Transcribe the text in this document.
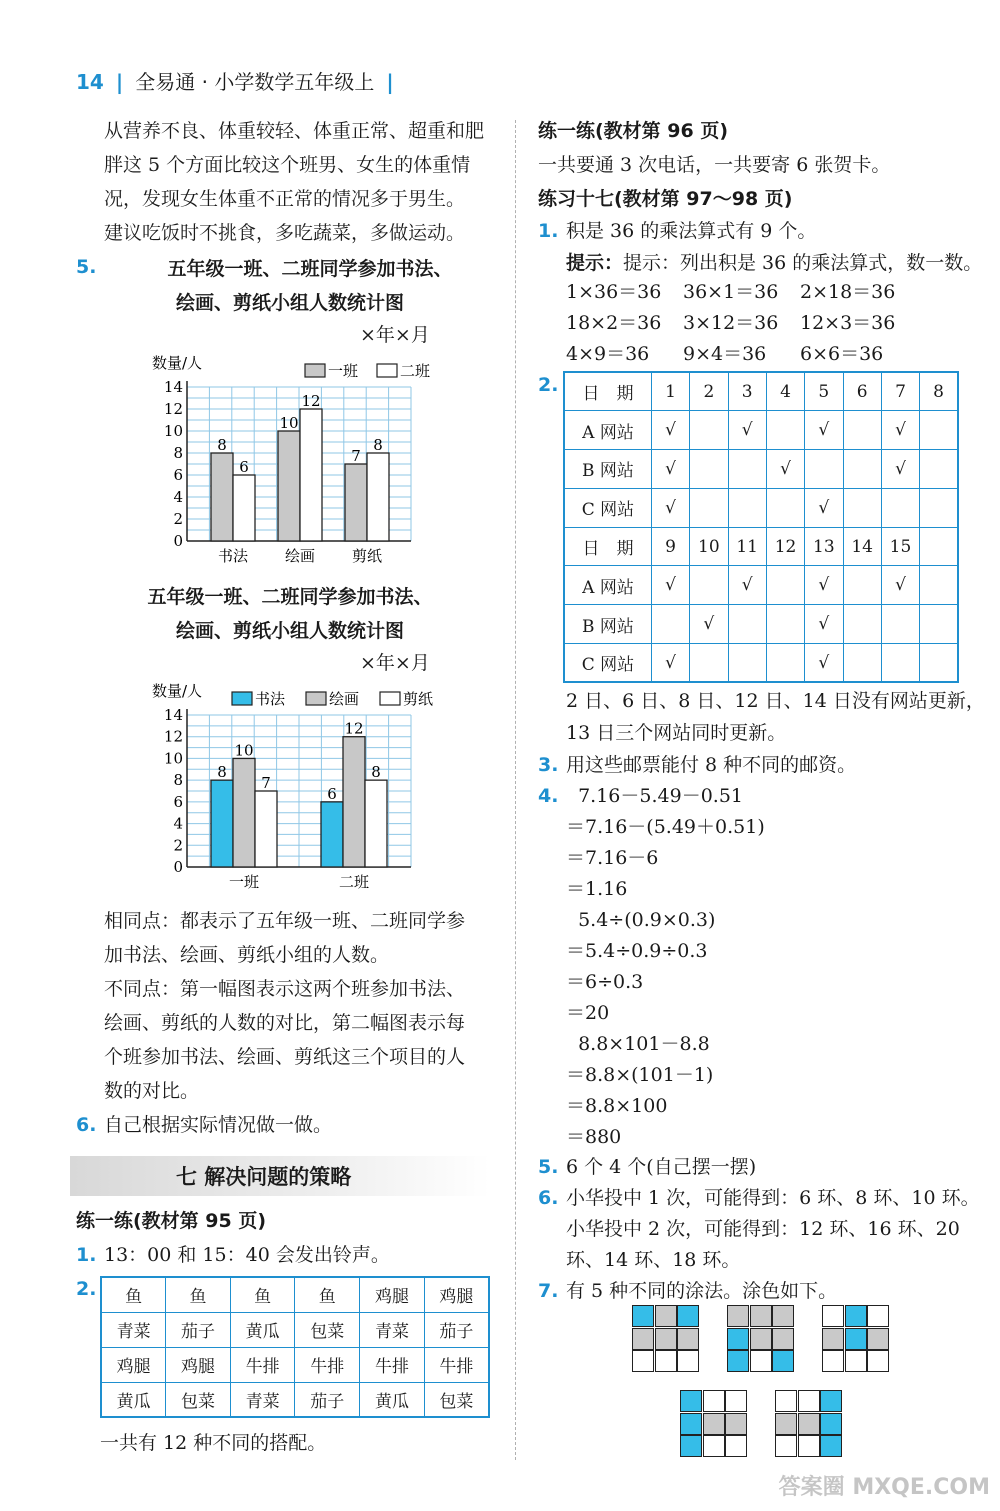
14 | 全易通 · 小学数学五年级上 |
从营养不良、体重较轻、体重正常、超重和肥
胖这 5 个方面比较这个班男、女生的体重情
况，发现女生体重不正常的情况多于男生。
建议吃饭时不挑食，多吃蔬菜，多做运动。
5.	五年级一班、二班同学参加书法、
绘画、剪纸小组人数统计图
×年×月
0
2
4
6
8
10
12
14
数量/人	一班	二班
8
6
书法
10
12
绘画
7
8
剪纸
五年级一班、二班同学参加书法、
绘画、剪纸小组人数统计图
×年×月
0
2
4
6
8
10
12
14
数量/人	书法	绘画	剪纸
8
10
7
一班
6
12
8
二班
相同点：都表示了五年级一班、二班同学参
加书法、绘画、剪纸小组的人数。
不同点：第一幅图表示这两个班参加书法、
绘画、剪纸的人数的对比，第二幅图表示每
个班参加书法、绘画、剪纸这三个项目的人
数的对比。
6. 自己根据实际情况做一做。
七 解决问题的策略
练一练(教材第 95 页)
1. 13：00 和 15：40 会发出铃声。
2. 鱼	鱼	鱼	鱼	鸡腿	鸡腿
青菜	茄子	黄瓜	包菜	青菜	茄子
鸡腿	鸡腿	牛排	牛排	牛排	牛排
黄瓜	包菜	青菜	茄子	黄瓜	包菜
一共有 12 种不同的搭配。
练一练(教材第 96 页)
一共要通 3 次电话，一共要寄 6 张贺卡。
练习十七(教材第 97～98 页)
1. 积是 36 的乘法算式有 9 个。
提示：提示：列出积是 36 的乘法算式，数一数。
1×36＝36 36×1＝36 2×18＝36
18×2＝36 3×12＝36 12×3＝36
4×9＝36 9×4＝36 6×6＝36
2. 日　期	1	2	3	4	5	6	7	8
A 网站	√		√		√		√	
B 网站	√			√			√	
C 网站	√				√			
日　期	9	10	11	12	13	14	15	
A 网站	√		√		√		√	
B 网站		√			√			
C 网站	√				√			
2 日、6 日、8 日、12 日、14 日没有网站更新，
13 日三个网站同时更新。
3. 用这些邮票能付 8 种不同的邮资。
4. 7.16－5.49－0.51
＝7.16－(5.49＋0.51)
＝7.16－6
＝1.16
5.4÷(0.9×0.3)
＝5.4÷0.9÷0.3
＝6÷0.3
＝20
8.8×101－8.8
＝8.8×(101－1)
＝8.8×100
＝880
5. 6 个 4 个(自己摆一摆)
6. 小华投中 1 次，可能得到：6 环、8 环、10 环。
小华投中 2 次，可能得到：12 环、16 环、20
环、14 环、18 环。
7. 有 5 种不同的涂法。涂色如下。
答案圈 MXQE.COM
